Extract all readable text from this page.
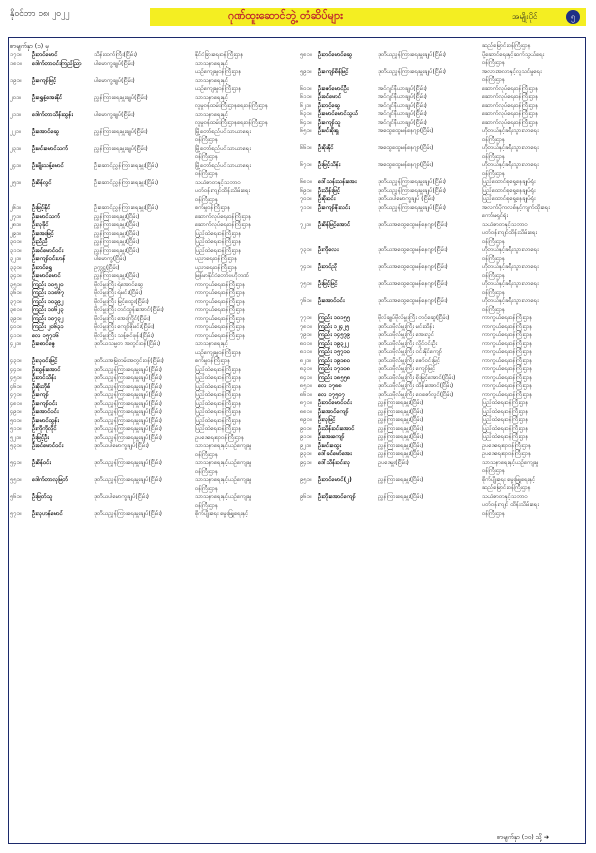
နိုဝင်ဘာ ၁၈၊ ၂၀၂၂	ဂုဏ်ထူးဆောင်ဘွဲ့ တံဆိပ်များ	အမျိုးပိုင်	၅
စာမျက်နှာ (၁) မှ
၁၇၁။	ဦးတင်မောင်	သိန်းထက်ကြီး(ငြိမ်း)	နိုင်ငံခြားရေးဝန်ကြီးဌာန
၁၈၁။	ဒေါက်တာဝင်းကြည်ညြာ	ပါမောက္ခချုပ်(ငြိမ်း)	သာသနာရေးနှင့်
ယဉ်ကျေးမှုဝန်ကြီးဌာန
၁၉၁။	ဦးကျော်မြင့်	ပါမောက္ခချုပ်(ငြိမ်း)	သာသနာရေးနှင့်
ယဉ်ကျေးမှုဝန်ကြီးဌာန
၂၀၁။	ဦးရွှေနံ့အေးနိုင်	ညွှန်ကြားရေးမှူးချုပ်(ငြိမ်း)	သာသနာရေးနှင့်
လူမှုဝန်ထမ်းကြီးဌာနရေးဝန်ကြီးဌာန
၂၁၁။	ဒေါက်တာသိန်းထွန်း	ပါမောက္ခချုပ်(ငြိမ်း)	သာသနာရေးနှင့်
လူမှုဝန်ထမ်းကြီးဌာနရေးဝန်ကြီးဌာန
၂၂၁။	ဦးအောင်ဆွေ	ညွှန်ကြားရေးမှူးချုပ်(ငြိမ်း)	မြို့တော်စည်ပင်သာယာရေး
ဝန်ကြီးဌာန
၂၃၁။	ဦးမင်းမောင်သက်	ညွှန်ကြားရေးမှူးချုပ်(ငြိမ်း)	မြို့တော်စည်ပင်သာယာရေး
ဝန်ကြီးဌာန
၂၄၁။	ဦးမျိုးသန့်မောင်	ဦးဆောင်ညွှန်ကြားရေးမှူး(ငြိမ်း)	မြို့တော်စည်ပင်သာယာရေး
ဝန်ကြီးဌာန
၂၅၁။	ဦးစိန်လွင်	ဦးဆောင်ညွှန်ကြားရေးမှူး(ငြိမ်း)	သယံဇာတနှင့်သဘာဝ
ပတ်ဝန်းကျင်ထိန်းသိမ်းရေး
ဝန်ကြီးဌာန
၂၆၁။	ဦးမြင့်နိုင်	ဦးဆောင်ညွှန်ကြားရေးမှူး(ငြိမ်း)	စက်မှုဝန်ကြီးဌာန
၂၇၁။	ဦးမောင်သက်	ညွှန်ကြားရေးမှူး(ငြိမ်း)	ဆောက်လုပ်ရေးဝန်ကြီးဌာန
၂၈၁။	ဦးလှခိုင်	ညွှန်ကြားရေးမှူး(ငြိမ်း)	ဆောက်လုပ်ရေးဝန်ကြီးဌာန
၂၉၁။	ဦးအေးမြင့်	ညွှန်ကြားရေးမှူး(ငြိမ်း)	ပြည်ထဲရေးဝန်ကြီးဌာန
၃၀၁။	ဦးညီညီ	ညွှန်ကြားရေးမှူး(ငြိမ်း)	ပြည်ထဲရေးဝန်ကြီးဌာန
၃၁၁။	ဦးခင်မောင်ဝင်း	ညွှန်ကြားရေးမှူး(ငြိမ်း)	ပြည်ထဲရေးဝန်ကြီးဌာန
၃၂၁။	ဦးကျော်ဝင်းဟန်	ပါမောက္ခ(ငြိမ်း)	ပညာရေးဝန်ကြီးဌာန
၃၃၁။	ဦးတင်ရွှေ	ဥက္ကဋ္ဌ(ငြိမ်း)	ပညာရေးဝန်ကြီးဌာန
၃၄၁။	ဦးမောင်မောင်	ညွှန်ကြားရေးမှူး(ငြိမ်း)	မြန်မာနိုင်ငံတော်ဗဟိုဘဏ်
၃၅၁။	ကြည်း ၁၀၅၂၀	ဗိုလ်မှူးကြီး ရဲအောင်ဆွေ	ကာကွယ်ရေးဝန်ကြီးဌာန
၃၆၁။	ကြည်း ၁၁၈၆၇	ဗိုလ်မှူးကြီး ရဲမင်း(ငြိမ်း)	ကာကွယ်ရေးဝန်ကြီးဌာန
၃၇၁။	ကြည်း ၁၀၃၉၂	ဗိုလ်မှူးကြီး မြင့်ထွေး(ငြိမ်း)	ကာကွယ်ရေးဝန်ကြီးဌာန
၃၈၁။	ကြည်း ၁၀၆၂၃	ဗိုလ်မှူးကြီး တင်ထွန်းအောင်(ငြိမ်း)	ကာကွယ်ရေးဝန်ကြီးဌာန
၃၉၁။	ကြည်း ၁၀၇၃၂	ဗိုလ်မှူးကြီး အေးကြိုင်(ငြိမ်း)	ကာကွယ်ရေးဝန်ကြီးဌာန
၄၀၁။	ကြည်း ၂၀၆၃၁	ဗိုလ်မှူးကြီး ကျော်ဇိုမင်း(ငြိမ်း)	ကာကွယ်ရေးဝန်ကြီးဌာန
၄၁၁။	လေ ၁၅၇၁၆	ဗိုလ်မှူးကြီး သန့်ဇင်ဖုန်း(ငြိမ်း)	ကာကွယ်ရေးဝန်ကြီးဌာန
၄၂၁။	ဦးစောင်ဇွေ	ဒုတိယသမ္မတ အတွင်းဝန်(ငြိမ်း)	သာသနာရေးနှင့်
ယဉ်ကျေးမှုဝန်ကြီးဌာန
၄၃၁။	ဦးလှဝင်းမြင့်	ဒုတိယအမြဲတမ်းအတွင်းဝန်(ငြိမ်း)	စက်မှုဝန်ကြီးဌာန
၄၄၁။	ဦးထွန်းအောင်	ဒုတိယညွှန်ကြားရေးမှူးချုပ်(ငြိမ်း)	ပြည်ထဲရေးဝန်ကြီးဌာန
၄၅၁။	ဦးတင်သိန်း	ဒုတိယညွှန်ကြားရေးမှူးချုပ်(ငြိမ်း)	ပြည်ထဲရေးဝန်ကြီးဌာန
၄၆၁။	ဦးစိုးဘိုစ်	ဒုတိယညွှန်ကြားရေးမှူးချုပ်(ငြိမ်း)	ပြည်ထဲရေးဝန်ကြီးဌာန
၄၇၁။	ဦးကျော်	ဒုတိယညွှန်ကြားရေးမှူးချုပ်(ငြိမ်း)	ပြည်ထဲရေးဝန်ကြီးဌာန
၄၈၁။	ဦးကျော်ဝင်း	ဒုတိယညွှန်ကြားရေးမှူးချုပ်(ငြိမ်း)	ပြည်ထဲရေးဝန်ကြီးဌာန
၄၉၁။	ဦးအောင်ဝင်း	ဒုတိယညွှန်ကြားရေးမှူးချုပ်(ငြိမ်း)	ပြည်ထဲရေးဝန်ကြီးဌာန
၅၀၁။	ဦးမောင်ထွန်း	ဒုတိယညွှန်ကြားရေးမှူးချုပ်(ငြိမ်း)	ပြည်ထဲရေးဝန်ကြီးဌာန
၅၁၁။	ဦးကိုကိုလိုင်	ဒုတိယညွှန်ကြားရေးမှူးချုပ်(ငြိမ်း)	ပြည်ထဲရေးဝန်ကြီးဌာန
၅၂၁။	ဦးမြင့်ဦး	ဒုတိယညွှန်ကြားရေးမှူးချုပ်(ငြိမ်း)	ဥပဒေရေးရာဝန်ကြီးဌာန
၅၃၁။	ဦးခင်မောင်ဝင်း	ဒုတိယပါမောက္ခချုပ်(ငြိမ်း)	သာသနာရေးနှင့်ယဉ်ကျေးမှု
ဝန်ကြီးဌာန
၅၄၁။	ဦးစိန်ဝင်း	ဒုတိယညွှန်ကြားရေးမှူးချုပ်(ငြိမ်း)	သာသနာရေးနှင့်ယဉ်ကျေးမှု
ဝန်ကြီးဌာန
၅၅၁။	ဒေါက်တာလှမြတ်	ဒုတိယညွှန်ကြားရေးမှူးချုပ်(ငြိမ်း)	သာသနာရေးနှင့်ယဉ်ကျေးမှု
ဝန်ကြီးဌာန
၅၆၁။	ဦးမြတ်သူ	ဒုတိယပါမောက္ခချုပ်(ငြိမ်း)	သာသနာရေးနှင့်ယဉ်ကျေးမှု
ဝန်ကြီးဌာန
၅၇၁။	ဦးလှဟန်မောင်	ဒုတိယညွှန်ကြားရေးမှူးချုပ်(ငြိမ်း)	စိုက်ပျိုးရေး မွေးမြူရေးနှင့်
ဆည်မြောင်းဝန်ကြီးဌာန
၅၈၁။	ဦးတင်မောင်ဆွေ	ဒုတိယညွှန်ကြားရေးမှူးချုပ်(ငြိမ်း)	ပို့ဆောင်ရေးနှင့်ဆက်သွယ်ရေး
ဝန်ကြီးဌာန
၅၉၁။	ဦးကျော်စိန်မြင့်	ဒုတိယညွှန်ကြားရေးမှူးချုပ်(ငြိမ်း)	အလားအလာနှင့်လူသင်မှုရေး
ဝန်ကြီးဌာန
၆၀၁။	ဦးဇော်မောင်ဦး	အင်ဂျင်နီယာချုပ်(ငြိမ်း)	ဆောက်လုပ်ရေးဝန်ကြီးဌာန
၆၁၁။	ဦးခင်မောင်	အင်ဂျင်နီယာချုပ်(ငြိမ်း)	ဆောက်လုပ်ရေးဝန်ကြီးဌာန
၆၂၁။	ဦးတင့်ဆွေ	အင်ဂျင်နီယာချုပ်(ငြိမ်း)	ဆောက်လုပ်ရေးဝန်ကြီးဌာန
၆၃၁။	ဦးမောင်မောင်သွယ်	အင်ဂျင်နီယာချုပ်(ငြိမ်း)	ဆောက်လုပ်ရေးဝန်ကြီးဌာန
၆၄၁။	ဦးကျော်သူ	အင်ဂျင်နီယာချုပ်(ငြိမ်း)	ဆောက်လုပ်ရေးဝန်ကြီးဌာန
၆၅၁။	ဦးမင်းစိုးရှု	အထွေထွေမန်နေဂျာ(ငြိမ်း)	ဟိုတယ်နှင့်ခရီးသွားလာရေး
ဝန်ကြီးဌာန
၆၆၁။	ဦးစိုးနိုင်	အထွေထွေမန်နေဂျာ(ငြိမ်း)	ဟိုတယ်နှင့်ခရီးသွားလာရေး
ဝန်ကြီးဌာန
၆၇၁။	ဦးမြင့်သိန်း	အထွေထွေမန်နေဂျာ(ငြိမ်း)	ဟိုတယ်နှင့်ခရီးသွားလာရေး
ဝန်ကြီးဌာန
၆၈၁။	ဒေါ်သန်းသန်းအေး	ဒုတိယညွှန်ကြားရေးမှူးချုပ်(ငြိမ်း)	ပြည်ထောင်စုရှေ့နေချုပ်ရုံး
၆၉၁။	ဦးသိန်းမြင့်	ဒုတိယညွှန်ကြားရေးမှူးချုပ်(ငြိမ်း)	ပြည်ထောင်စုရှေ့နေချုပ်ရုံး
၇၀၁။	ဦးစိုးဝင်း	ဒုတိယပါမောက္ခချုပ် (ငြိမ်း)	ပြည်ထောင်စုရှေ့နေချုပ်ရုံး
၇၁၁။	ဦးကျော်ဇိုးလင်း	ဒုတိယညွှန်ကြားရေးမှူးချုပ်(ငြိမ်း)	အလက်ပိုကလစ်နှင့်ကျက်ထိုးရေး
ကော်မရှင်ရုံး
၇၂၁။	ဦးစိန်မြင့်အောင်	ဒုတိယအထွေထွေမန်နေဂျာ(ငြိမ်း)	သယံဇာတနှင့်သဘာဝ
ပတ်ဝန်းကျင်ထိန်းသိမ်းရေး
ဝန်ကြီးဌာန
၇၃၁။	ဦးကိုလေး	ဒုတိယအထွေထွေမန်နေဂျာ(ငြိမ်း)	ဟိုတယ်နှင့်ခရီးသွားလာရေး
ဝန်ကြီးဌာန
၇၄၁။	ဦးတင်ညို	ဒုတိယအထွေထွေမန်နေဂျာ(ငြိမ်း)	ဟိုတယ်နှင့်ခရီးသွားလာရေး
ဝန်ကြီးဌာန
၇၅၁။	ဦးမြင့်မြင့်	ဒုတိယအထွေထွေမန်နေဂျာ(ငြိမ်း)	ဟိုတယ်နှင့်ခရီးသွားလာရေး
ဝန်ကြီးဌာန
၇၆၁။	ဦးအောင်ဝင်း	ဒုတိယအထွေထွေမန်နေဂျာ(ငြိမ်း)	ဟိုတယ်နှင့်ခရီးသွားလာရေး
ဝန်ကြီးဌာန
၇၇၁။	ကြည်း ၁၀၁၅၅	ဗိုလ်ချုပ်ဗိုလ်မှူးကြီး တင့်ဆွေ(ငြိမ်း)	ကာကွယ်ရေးဝန်ကြီးဌာန
၇၈၁။	ကြည်း ၁၂၄၂၅	ဒုတိယဗိုလ်မှူးကြီး မင်းထိန်း	ကာကွယ်ရေးဝန်ကြီးဌာန
၇၉၁။	ကြည်း ၁၄၅၇၉	ဒုတိယဗိုလ်မှူးကြီး အေးလွင်	ကာကွယ်ရေးဝန်ကြီးဌာန
၈၀၁။	ကြည်း ၁၉၃၂၂	ဒုတိယဗိုလ်မှူးကြီး လှိုင်ဝင်းဦး	ကာကွယ်ရေးဝန်ကြီးဌာန
၈၁၁။	ကြည်း ၁၅၇၁၀	ဒုတိယဗိုလ်မှူးကြီး ဝင်းနိုင်ကျော်	ကာကွယ်ရေးဝန်ကြီးဌာန
၈၂၁။	ကြည်း ၁၉၁၈၀	ဒုတိယဗိုလ်မှူးကြီး ဇော်ဝင်းမြင့်	ကာကွယ်ရေးဝန်ကြီးဌာန
၈၃၁။	ကြည်း ၁၇၁၀၈	ဒုတိယဗိုလ်မှူးကြီး ကျော်မြင့်	ကာကွယ်ရေးဝန်ကြီးဌာန
၈၄၁။	ကြည်း ၁၈၅၅၈	ဒုတိယဗိုလ်မှူးကြီး စိုးမြင့်အောင်(ငြိမ်း)	ကာကွယ်ရေးဝန်ကြီးဌာန
၈၅၁။	လေ ၁၇၈၈	ဒုတိယဗိုလ်မှူးကြီး ထိန်းအောင်(ငြိမ်း)	ကာကွယ်ရေးဝန်ကြီးဌာန
၈၆၁။	လေ ၁၇၅၀၇	ဒုတိယဗိုလ်မှူးကြီး ဝေဇော်လွင်(ငြိမ်း)	ကာကွယ်ရေးဝန်ကြီးဌာန
၈၇၁။	ဦးတင်မောင်ဝင်း	ညွှန်ကြားရေးမှူး(ငြိမ်း)	ပြည်ထဲရေးဝန်ကြီးဌာန
၈၈၁။	ဦးအောင်ကျော်	ညွှန်ကြားရေးမှူး(ငြိမ်း)	ပြည်ထဲရေးဝန်ကြီးဌာန
၈၉၁။	ဦးလှမြင့်	ညွှန်ကြားရေးမှူး(ငြိမ်း)	ပြည်ထဲရေးဝန်ကြီးဌာန
၉၀၁။	ဦးသိန်းဝင်းအောင်	ညွှန်ကြားရေးမှူး(ငြိမ်း)	ပြည်ထဲရေးဝန်ကြီးဌာန
၉၁၁။	ဦးအေးကျော်	ညွှန်ကြားရေးမှူး(ငြိမ်း)	ပြည်ထဲရေးဝန်ကြီးဌာန
၉၂၁။	ဦးမင်းထွေး	ညွှန်ကြားရေးမှူး(ငြိမ်း)	ဥပဒေရေးရာဝန်ကြီးဌာန
၉၃၁။	ဒေါ်ခင်မော်အေး	ညွှန်ကြားရေးမှူး(ငြိမ်း)	ဥပဒေရေးရာဝန်ကြီးဌာန
၉၄၁။	ဒေါ်သိန်းဝင်းလှ	ဥပဒေမှူး(ငြိမ်း)	သာသနာရေးနှင့်ယဉ်ကျေးမှု
ဝန်ကြီးဌာန
၉၅၁။	ဦးတင်မောင်(၂)	ညွှန်ကြားရေးမှူး(ငြိမ်း)	စိုက်ပျိုးရေး မွေးမြူရေးနှင့်
ဆည်မြောင်းဝန်ကြီးဌာန
၉၆၁။	ဦးတိုးအောင်ကျော်	ညွှန်ကြားရေးမှူး(ငြိမ်း)	သယံဇာတနှင့်သဘာဝ
ပတ်ဝန်းကျင် ထိန်းသိမ်းရေး
ဝန်ကြီးဌာန
စာမျက်နှာ (၁၀) သို့ ➔
